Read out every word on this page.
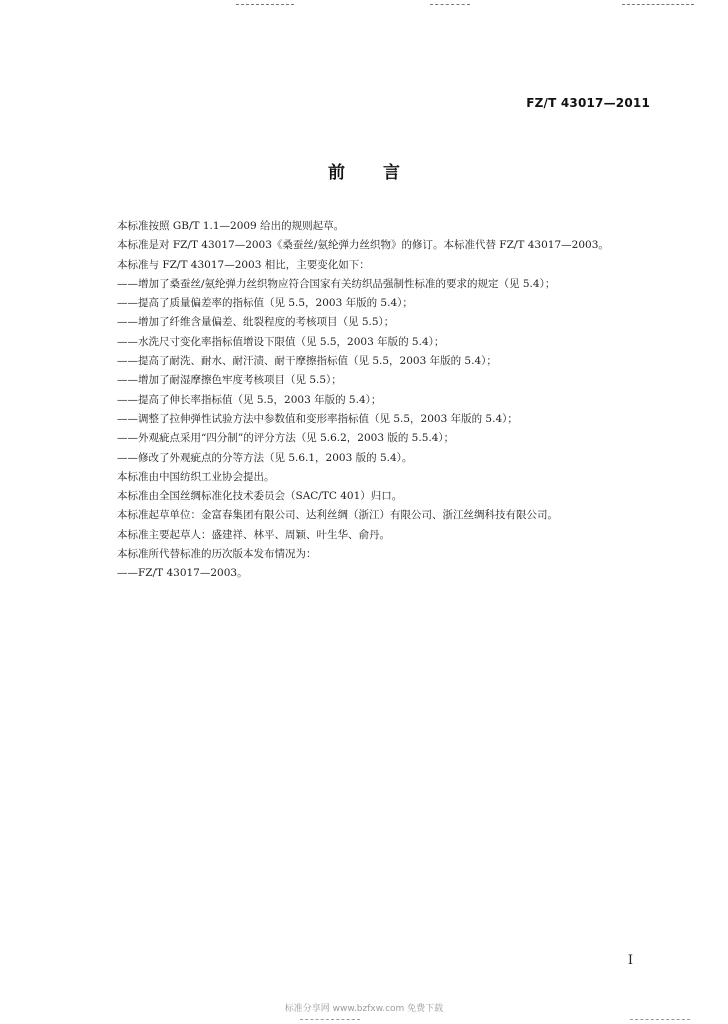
FZ/T 43017—2011
前 言
本标准按照 GB/T 1.1—2009 给出的规则起草。
本标准是对 FZ/T 43017—2003《桑蚕丝/氨纶弹力丝织物》的修订。本标准代替 FZ/T 43017—2003。
本标准与 FZ/T 43017—2003 相比，主要变化如下：
——增加了桑蚕丝/氨纶弹力丝织物应符合国家有关纺织品强制性标准的要求的规定（见 5.4）；
——提高了质量偏差率的指标值（见 5.5，2003 年版的 5.4）；
——增加了纤维含量偏差、纰裂程度的考核项目（见 5.5）；
——水洗尺寸变化率指标值增设下限值（见 5.5，2003 年版的 5.4）；
——提高了耐洗、耐水、耐汗渍、耐干摩擦指标值（见 5.5，2003 年版的 5.4）；
——增加了耐湿摩擦色牢度考核项目（见 5.5）；
——提高了伸长率指标值（见 5.5，2003 年版的 5.4）；
——调整了拉伸弹性试验方法中参数值和变形率指标值（见 5.5，2003 年版的 5.4）；
——外观疵点采用“四分制”的评分方法（见 5.6.2，2003 版的 5.5.4）；
——修改了外观疵点的分等方法（见 5.6.1，2003 版的 5.4）。
本标准由中国纺织工业协会提出。
本标准由全国丝绸标准化技术委员会（SAC/TC 401）归口。
本标准起草单位：金富春集团有限公司、达利丝绸（浙江）有限公司、浙江丝绸科技有限公司。
本标准主要起草人：盛建祥、林平、周颖、叶生华、俞丹。
本标准所代替标准的历次版本发布情况为：
——FZ/T 43017—2003。
I
标准分享网 www.bzfxw.com 免费下载
